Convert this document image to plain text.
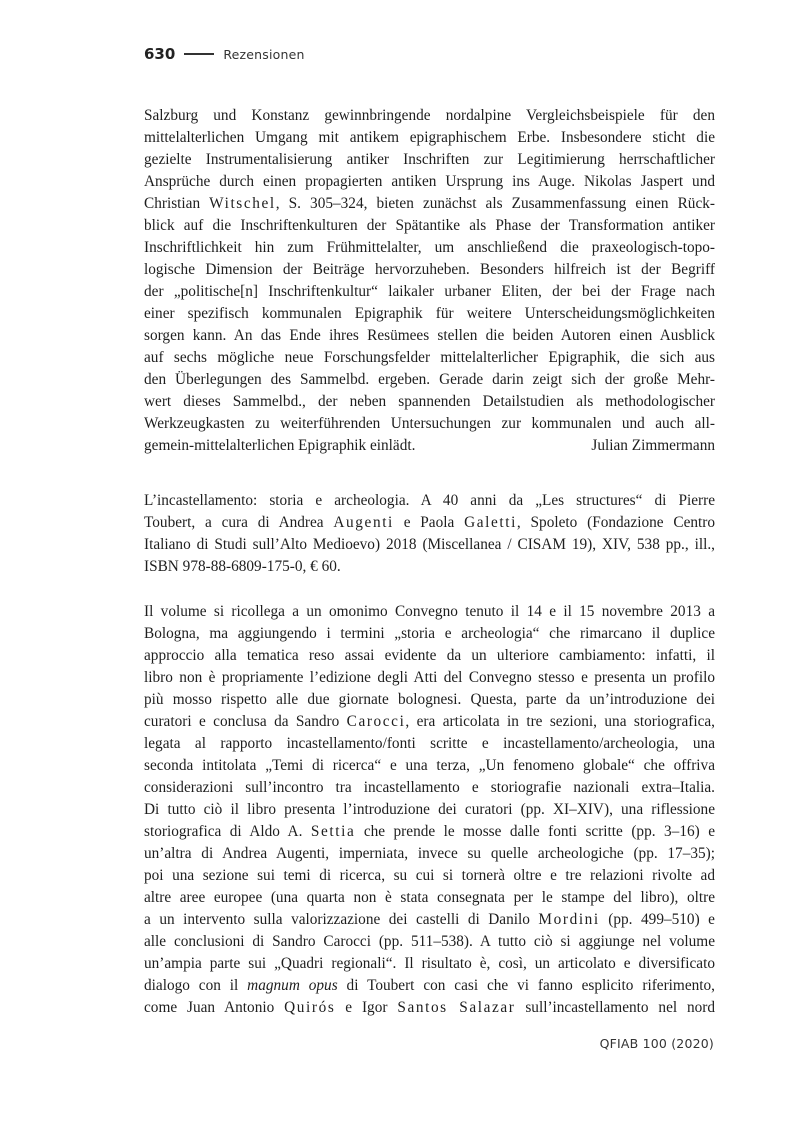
630	Rezensionen
Salzburg und Konstanz gewinnbringende nordalpine Vergleichsbeispiele für den
mittelalterlichen Umgang mit antikem epigraphischem Erbe. Insbesondere sticht die
gezielte Instrumentalisierung antiker Inschriften zur Legitimierung herrschaftlicher
Ansprüche durch einen propagierten antiken Ursprung ins Auge. Nikolas Jaspert und
Christian Witschel, S. 305–324, bieten zunächst als Zusammenfassung einen Rück-
blick auf die Inschriftenkulturen der Spätantike als Phase der Transformation antiker
Inschriftlichkeit hin zum Frühmittelalter, um anschließend die praxeologisch-topo-
logische Dimension der Beiträge hervorzuheben. Besonders hilfreich ist der Begriff
der „politische[n] Inschriftenkultur“ laikaler urbaner Eliten, der bei der Frage nach
einer spezifisch kommunalen Epigraphik für weitere Unterscheidungsmöglichkeiten
sorgen kann. An das Ende ihres Resümees stellen die beiden Autoren einen Ausblick
auf sechs mögliche neue Forschungsfelder mittelalterlicher Epigraphik, die sich aus
den Überlegungen des Sammelbd. ergeben. Gerade darin zeigt sich der große Mehr-
wert dieses Sammelbd., der neben spannenden Detailstudien als methodologischer
Werkzeugkasten zu weiterführenden Untersuchungen zur kommunalen und auch all-
gemein-mittelalterlichen Epigraphik einlädt.	Julian Zimmermann
L’incastellamento: storia e archeologia. A 40 anni da „Les structures“ di Pierre
Toubert, a cura di Andrea Augenti e Paola Galetti, Spoleto (Fondazione Centro
Italiano di Studi sull’Alto Medioevo) 2018 (Miscellanea / CISAM 19), XIV, 538 pp., ill.,
ISBN 978-88-6809-175-0, € 60.
Il volume si ricollega a un omonimo Convegno tenuto il 14 e il 15 novembre 2013 a
Bologna, ma aggiungendo i termini „storia e archeologia“ che rimarcano il duplice
approccio alla tematica reso assai evidente da un ulteriore cambiamento: infatti, il
libro non è propriamente l’edizione degli Atti del Convegno stesso e presenta un profilo
più mosso rispetto alle due giornate bolognesi. Questa, parte da un’introduzione dei
curatori e conclusa da Sandro Carocci, era articolata in tre sezioni, una storiografica,
legata al rapporto incastellamento/fonti scritte e incastellamento/archeologia, una
seconda intitolata „Temi di ricerca“ e una terza, „Un fenomeno globale“ che offriva
considerazioni sull’incontro tra incastellamento e storiografie nazionali extra–Italia.
Di tutto ciò il libro presenta l’introduzione dei curatori (pp. XI–XIV), una riflessione
storiografica di Aldo A. Settia che prende le mosse dalle fonti scritte (pp. 3–16) e
un’altra di Andrea Augenti, imperniata, invece su quelle archeologiche (pp. 17–35);
poi una sezione sui temi di ricerca, su cui si tornerà oltre e tre relazioni rivolte ad
altre aree europee (una quarta non è stata consegnata per le stampe del libro), oltre
a un intervento sulla valorizzazione dei castelli di Danilo Mordini (pp. 499–510) e
alle conclusioni di Sandro Carocci (pp. 511–538). A tutto ciò si aggiunge nel volume
un’ampia parte sui „Quadri regionali“. Il risultato è, così, un articolato e diversificato
dialogo con il magnum opus di Toubert con casi che vi fanno esplicito riferimento,
come Juan Antonio Quirós e Igor Santos Salazar sull’incastellamento nel nord
QFIAB 100 (2020)
